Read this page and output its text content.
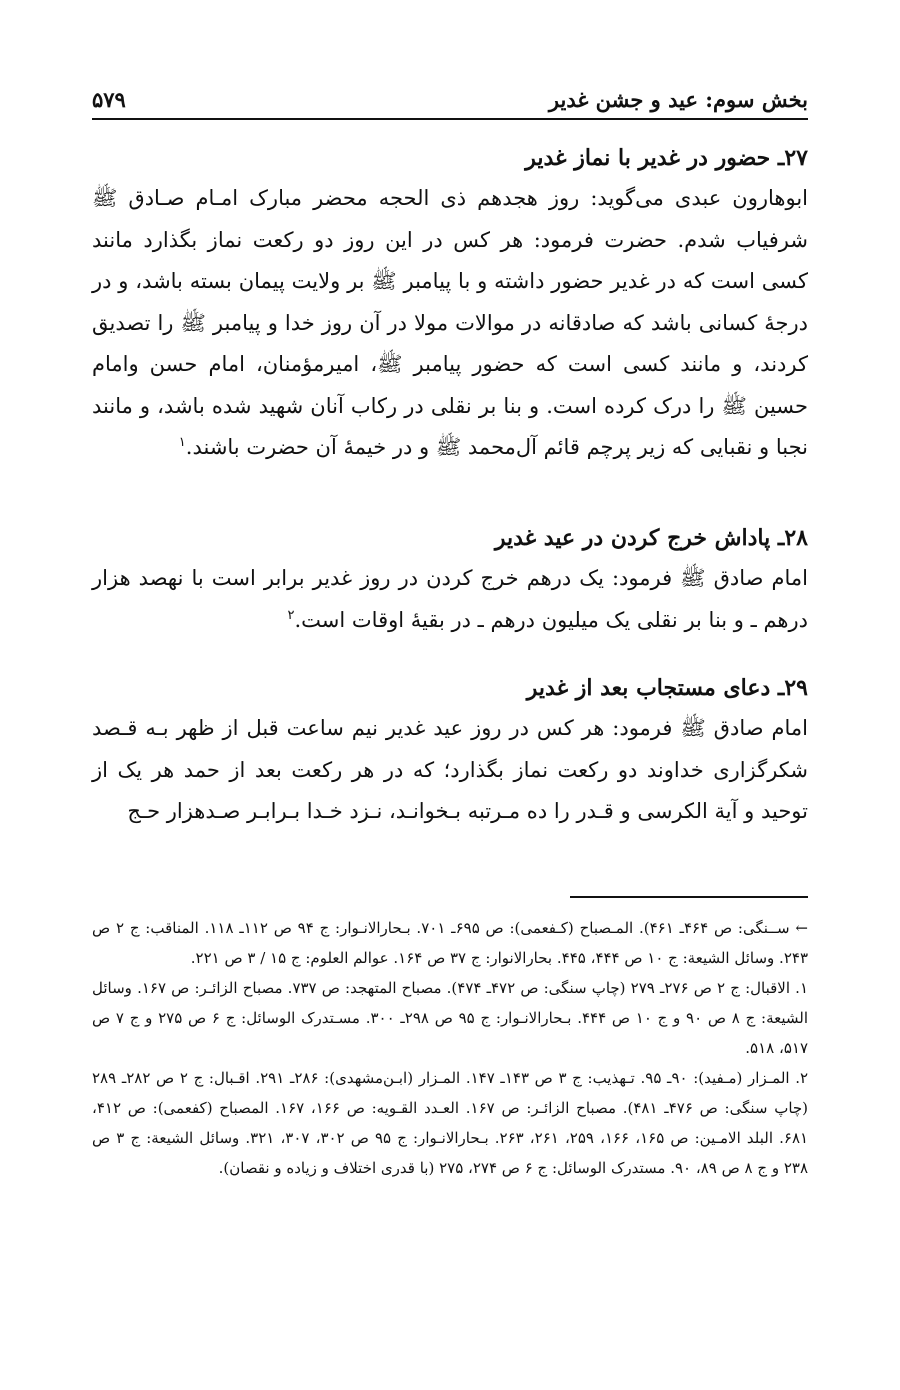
بخش سوم: عید و جشن غدیر
۵۷۹
۲۷ـ حضور در غدیر با نماز غدیر

ابوهارون عبدی می‌گوید: روز هجدهم ذی الحجه محضر مبارک امـام صـادق ﷺ شرفیاب شدم. حضرت فرمود: هر کس در این روز دو رکعت نماز بگذارد مانند کسی است که در غدیر حضور داشته و با پیامبر ﷺ بر ولایت پیمان بسته باشد، و در درجهٔ کسانی باشد که صادقانه در موالات مولا در آن روز خدا و پیامبر ﷺ را تصدیق کردند، و مانند کسی است که حضور پیامبر ﷺ، امیرمؤمنان، امام حسن وامام حسین ﷺ را درک کرده است. و بنا بر نقلی در رکاب آنان شهید شده باشد، و مانند نجبا و نقبایی که زیر پرچم قائم آل‌محمد ﷺ و در خیمهٔ آن حضرت باشند.$^۱$

۲۸ـ پاداش خرج کردن در عید غدیر

امام صادق ﷺ فرمود: یک درهم خرج کردن در روز غدیر برابر است با نهصد هزار درهم ـ و بنا بر نقلی یک میلیون درهم ـ در بقیهٔ اوقات است.$^۲$

۲۹ـ دعای مستجاب بعد از غدیر

امام صادق ﷺ فرمود: هر کس در روز عید غدیر نیم ساعت قبل از ظهر بـه قـصد شکرگزاری خداوند دو رکعت نماز بگذارد؛ که در هر رکعت بعد از حمد هر یک از توحید و آیة الکرسی و قـدر را ده مـرتبه بـخوانـد، نـزد خـدا بـرابـر صـدهزار حـج

← ســنگی: ص ۴۶۴ـ ۴۶۱). المـصباح (کـفعمی): ص ۶۹۵ـ ۷۰۱. بـحارالانـوار: ج ۹۴ ص ۱۱۲ـ ۱۱۸. المناقب: ج ۲ ص ۲۴۳. وسائل الشیعة: ج ۱۰ ص ۴۴۴، ۴۴۵. بحارالانوار: ج ۳۷ ص ۱۶۴. عوالم العلوم: ج ۱۵ / ۳ ص ۲۲۱.

۱. الاقبال: ج ۲ ص ۲۷۶ـ ۲۷۹ (چاپ سنگی: ص ۴۷۲ـ ۴۷۴). مصباح المتهجد: ص ۷۳۷. مصباح الزائـر: ص ۱۶۷. وسائل الشیعة: ج ۸ ص ۹۰ و ج ۱۰ ص ۴۴۴. بـحارالانـوار: ج ۹۵ ص ۲۹۸ـ ۳۰۰. مسـتدرک الوسائل: ج ۶ ص ۲۷۵ و ج ۷ ص ۵۱۷، ۵۱۸.

۲. المـزار (مـفید): ۹۰ـ ۹۵. تـهذیب: ج ۳ ص ۱۴۳ـ ۱۴۷. المـزار (ابـن‌مشهدی): ۲۸۶ـ ۲۹۱. اقـبال: ج ۲ ص ۲۸۲ـ ۲۸۹ (چاپ سنگی: ص ۴۷۶ـ ۴۸۱). مصباح الزائـر: ص ۱۶۷. العـدد القـویه: ص ۱۶۶، ۱۶۷. المصباح (کفعمی): ص ۴۱۲، ۶۸۱. البلد الامـین: ص ۱۶۵، ۱۶۶، ۲۵۹، ۲۶۱، ۲۶۳. بـحارالانـوار: ج ۹۵ ص ۳۰۲، ۳۰۷، ۳۲۱. وسائل الشیعة: ج ۳ ص ۲۳۸ و ج ۸ ص ۸۹، ۹۰. مستدرک الوسائل: ج ۶ ص ۲۷۴، ۲۷۵ (با قدری اختلاف و زیاده و نقصان).
